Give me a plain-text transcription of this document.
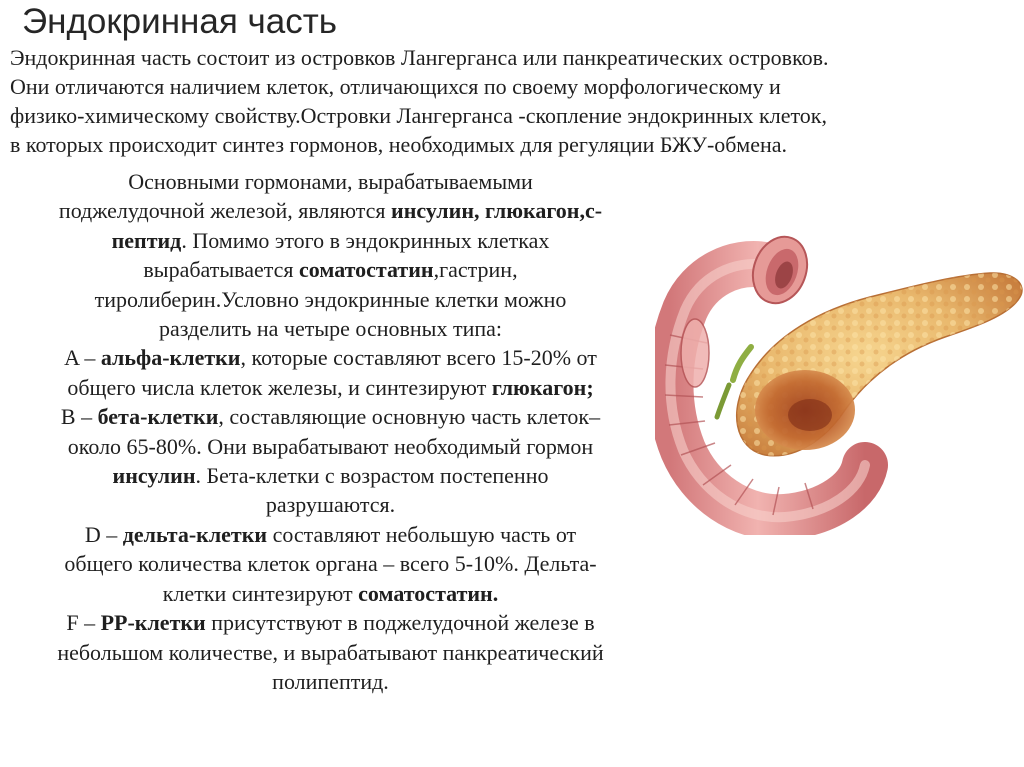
Эндокринная часть
Эндокринная часть состоит из островков Лангерганса или панкреатических островков.
Они отличаются наличием клеток, отличающихся по своему морфологическому и
физико-химическому свойству.Островки Лангерганса -скопление эндокринных клеток,
в которых происходит синтез гормонов, необходимых для регуляции БЖУ-обмена.
Основными гормонами, вырабатываемыми
поджелудочной железой, являются инсулин, глюкагон,с-
пептид. Помимо этого в эндокринных клетках
вырабатывается соматостатин,гастрин,
тиролиберин.Условно эндокринные клетки можно
разделить на четыре основных типа:
A – альфа-клетки, которые составляют всего 15-20% от
общего числа клеток железы, и синтезируют глюкагон;
B – бета-клетки, составляющие основную часть клеток–
около 65-80%. Они вырабатывают необходимый гормон
инсулин. Бета-клетки с возрастом постепенно
разрушаются.
D – дельта-клетки составляют небольшую часть от
общего количества клеток органа – всего 5-10%. Дельта-
клетки синтезируют соматостатин.
F – PP-клетки присутствуют в поджелудочной железе в
небольшом количестве, и вырабатывают панкреатический
полипептид.
